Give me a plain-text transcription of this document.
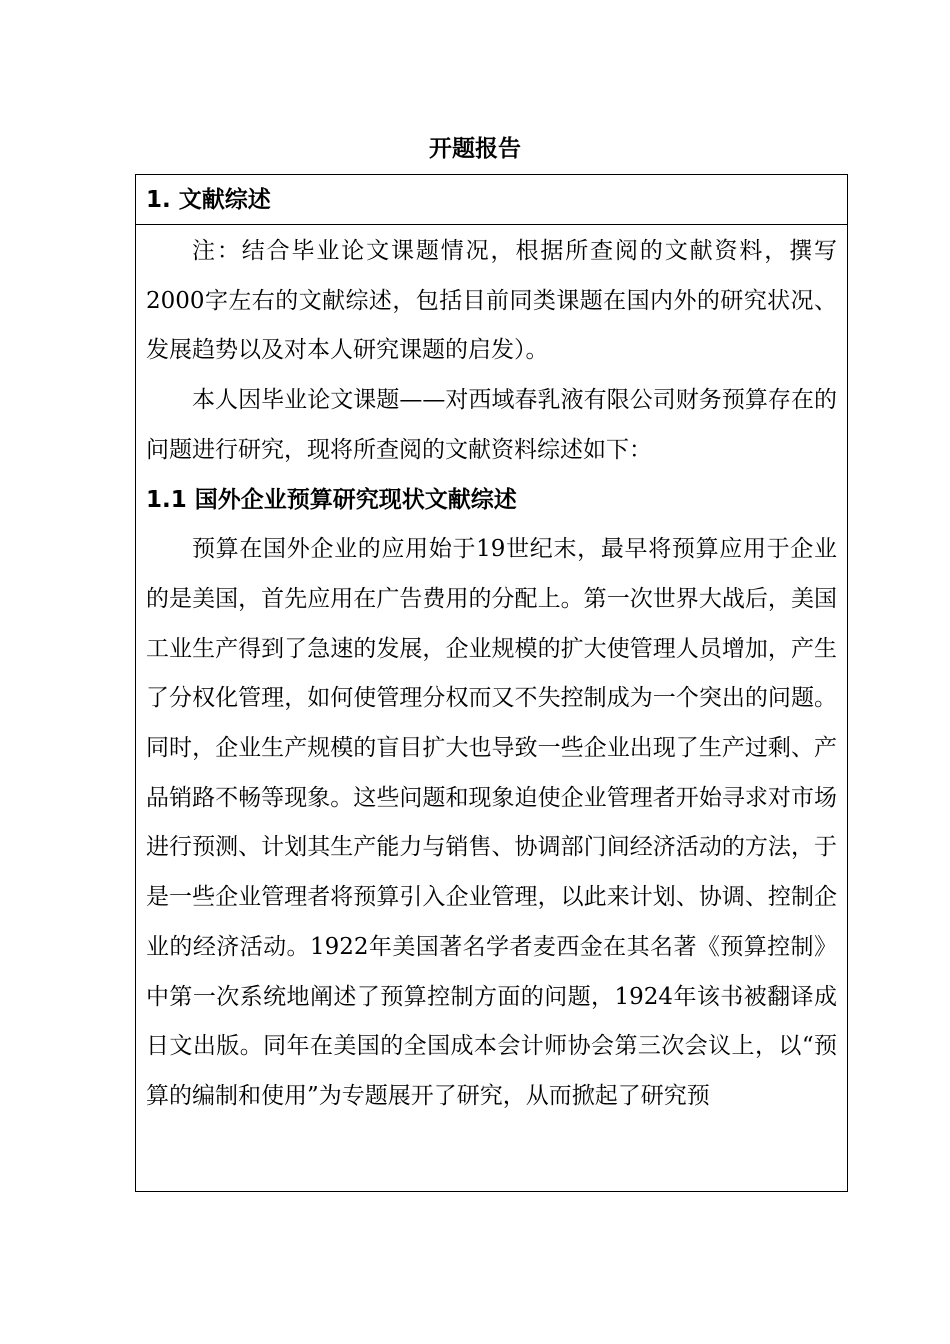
开题报告
1. 文献综述

注：结合毕业论文课题情况，根据所查阅的文献资料，撰写2000字左右的文献综述，包括目前同类课题在国内外的研究状况、发展趋势以及对本人研究课题的启发）。

本人因毕业论文课题——对西域春乳液有限公司财务预算存在的问题进行研究，现将所查阅的文献资料综述如下：

1.1 国外企业预算研究现状文献综述

预算在国外企业的应用始于19世纪末，最早将预算应用于企业的是美国，首先应用在广告费用的分配上。第一次世界大战后，美国工业生产得到了急速的发展，企业规模的扩大使管理人员增加，产生了分权化管理，如何使管理分权而又不失控制成为一个突出的问题。同时，企业生产规模的盲目扩大也导致一些企业出现了生产过剩、产品销路不畅等现象。这些问题和现象迫使企业管理者开始寻求对市场进行预测、计划其生产能力与销售、协调部门间经济活动的方法，于是一些企业管理者将预算引入企业管理，以此来计划、协调、控制企业的经济活动。1922年美国著名学者麦西金在其名著《预算控制》中第一次系统地阐述了预算控制方面的问题，1924年该书被翻译成日文出版。同年在美国的全国成本会计师协会第三次会议上，以“预算的编制和使用”为专题展开了研究，从而掀起了研究预
